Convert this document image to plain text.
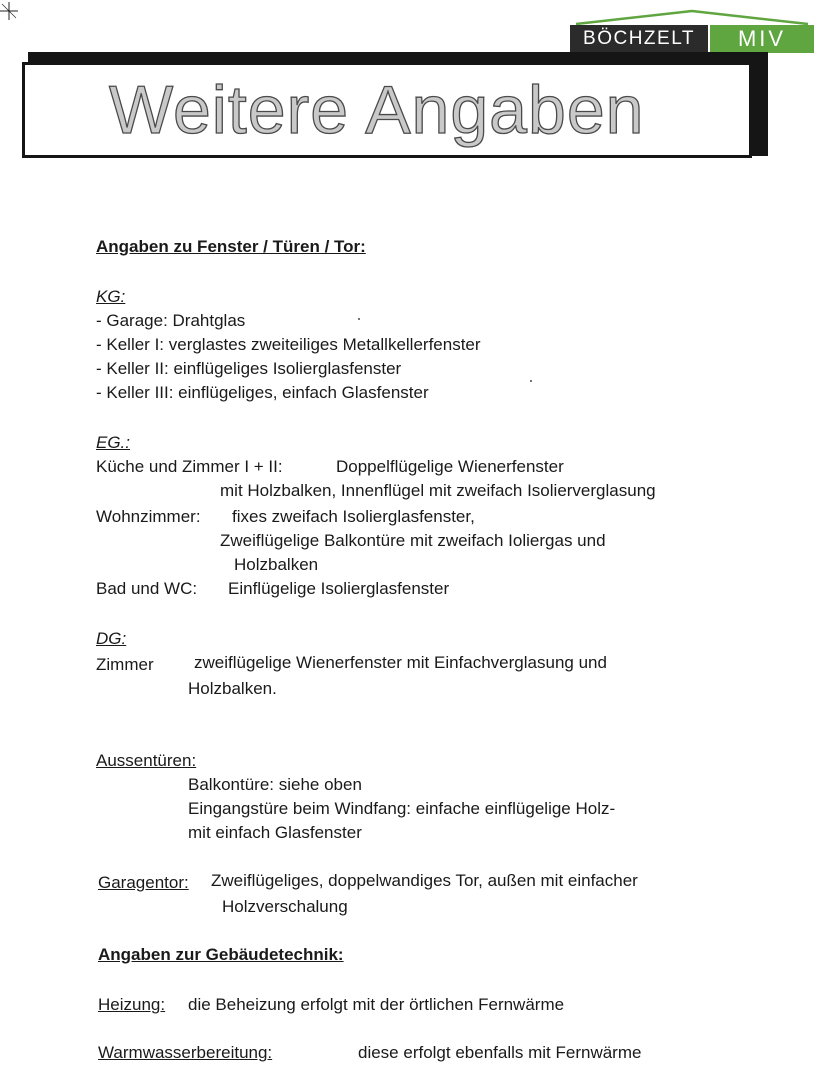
BÖCHZELT	MIV
Weitere Angaben
Angaben zu Fenster / Türen / Tor:
KG:
- Garage: Drahtglas
- Keller I: verglastes zweiteiliges Metallkellerfenster
- Keller II: einflügeliges Isolierglasfenster
- Keller III: einflügeliges, einfach Glasfenster
EG.:
Küche und Zimmer I + II:	Doppelflügelige Wienerfenster
mit Holzbalken, Innenflügel mit zweifach Isolierverglasung
Wohnzimmer: fixes zweifach Isolierglasfenster,
Zweiflügelige Balkontüre mit zweifach Ioliergas und
Holzbalken
Bad und WC: Einflügelige Isolierglasfenster
DG:
Zimmer zweiflügelige Wienerfenster mit Einfachverglasung und
Holzbalken.
Aussentüren:
Balkontüre: siehe oben
Eingangstüre beim Windfang: einfache einflügelige Holz-
mit einfach Glasfenster
Garagentor: Zweiflügeliges, doppelwandiges Tor, außen mit einfacher
Holzverschalung
Angaben zur Gebäudetechnik:
Heizung: die Beheizung erfolgt mit der örtlichen Fernwärme
Warmwasserbereitung:	diese erfolgt ebenfalls mit Fernwärme
